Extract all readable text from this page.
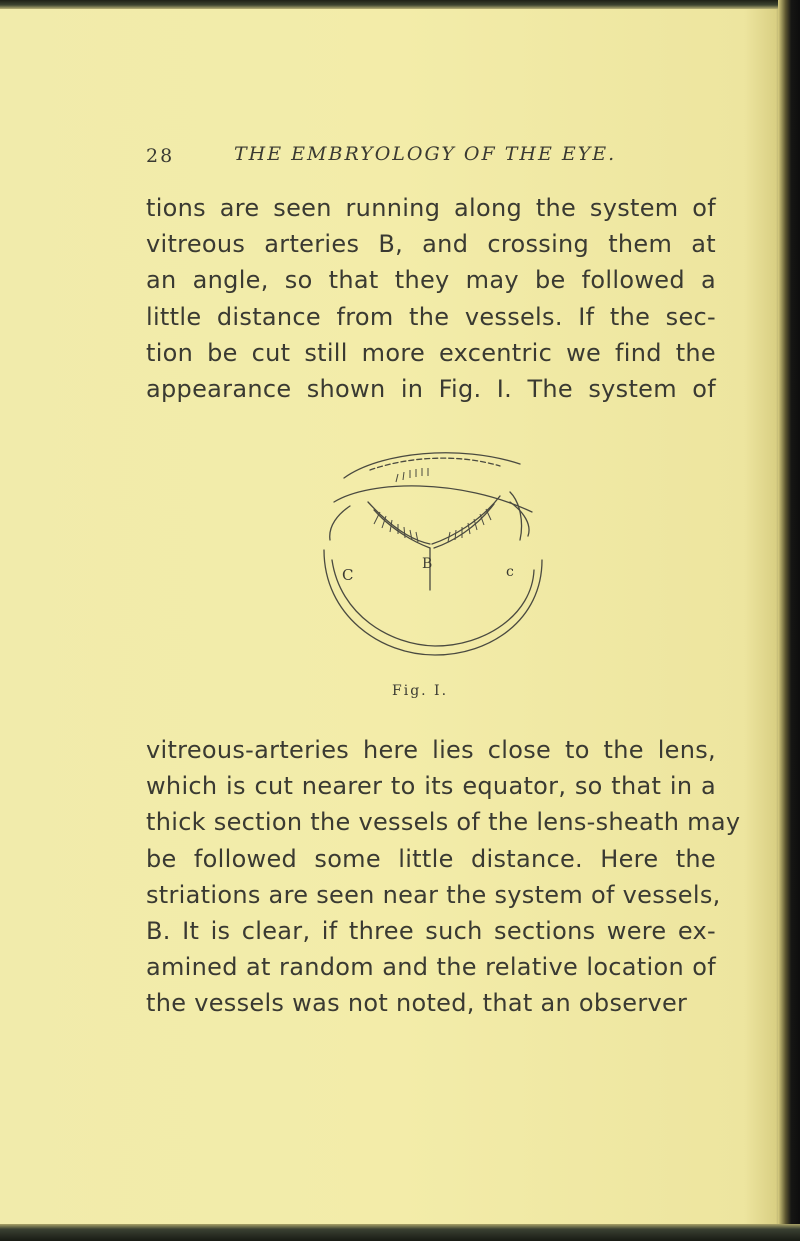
28	THE EMBRYOLOGY OF THE EYE.
tions are seen running along the system of
vitreous arteries B, and crossing them at
an angle, so that they may be followed a
little distance from the vessels. If the sec-
tion be cut still more excentric we find the
appearance shown in Fig. I. The system of
C
B	c
Fig. I.
vitreous-arteries here lies close to the lens,
which is cut nearer to its equator, so that in a
thick section the vessels of the lens-sheath may
be followed some little distance. Here the
striations are seen near the system of vessels,
B. It is clear, if three such sections were ex-
amined at random and the relative location of
the vessels was not noted, that an observer
